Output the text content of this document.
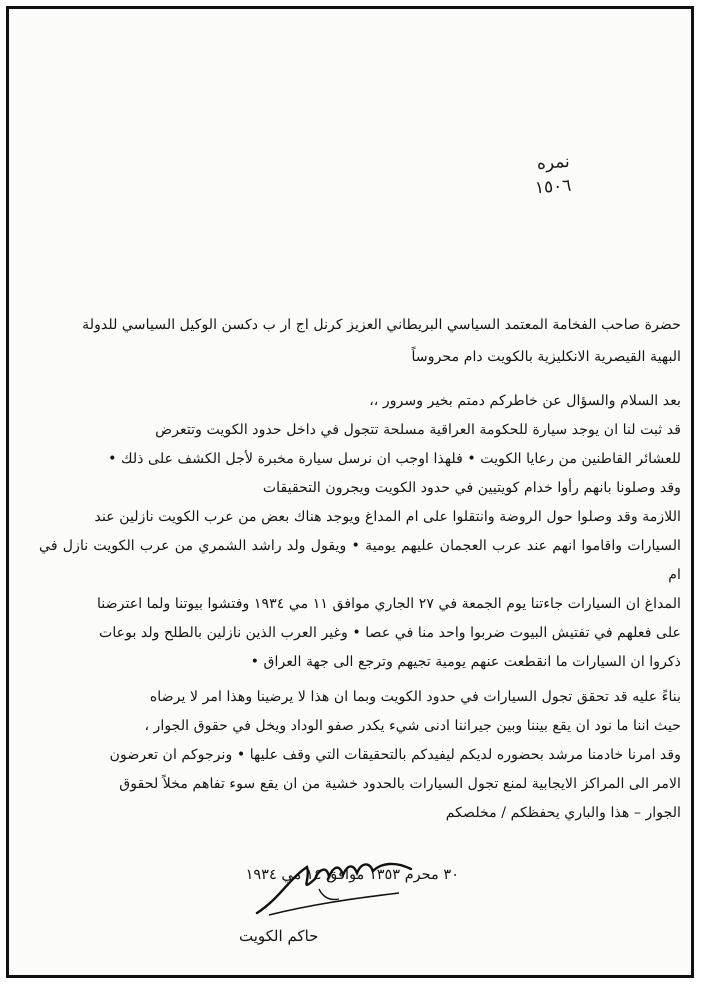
نمره
١٥٠٦
حضرة صاحب الفخامة المعتمد السياسي البريطاني العزيز كرنل اج ار ب دكسن الوكيل السياسي للدولة
البهية القيصرية الانكليزية بالكويت دام محروساً
بعد السلام والسؤال عن خاطركم دمتم بخير وسرور ،،
قد ثبت لنا ان يوجد سيارة للحكومة العراقية مسلحة تتجول في داخل حدود الكويت وتتعرض
للعشائر القاطنين من رعايا الكويت • فلهذا اوجب ان نرسل سيارة مخبرة لأجل الكشف على ذلك •
وقد وصلونا بانهم رأوا خدام كويتيين في حدود الكويت ويجرون التحقيقات
اللازمة وقد وصلوا حول الروضة وانتقلوا على ام المداغ ويوجد هناك بعض من عرب الكويت نازلين عند
السيارات واقاموا انهم عند عرب العجمان عليهم يومية • ويقول ولد راشد الشمري من عرب الكويت نازل في ام
المداغ ان السيارات جاءتنا يوم الجمعة في ٢٧ الجاري موافق ١١ مي ١٩٣٤ وفتشوا بيوتنا ولما اعترضنا
على فعلهم في تفتيش البيوت ضربوا واحد منا في عصا • وغير العرب الذين نازلين بالطلح ولد بوعات
ذكروا ان السيارات ما انقطعت عنهم يومية تجيهم وترجع الى جهة العراق •
بناءً عليه قد تحقق تجول السيارات في حدود الكويت وبما ان هذا لا يرضينا وهذا امر لا يرضاه
حيث اننا ما نود ان يقع بيننا وبين جيراننا ادنى شيء يكدر صفو الوداد ويخل في حقوق الجوار ،
وقد امرنا خادمنا مرشد بحضوره لديكم ليفيدكم بالتحقيقات التي وقف عليها • ونرجوكم ان تعرضون
الامر الى المراكز الايجابية لمنع تجول السيارات بالحدود خشية من ان يقع سوء تفاهم مخلاً لحقوق
الجوار – هذا والباري يحفظكم / مخلصكم
٣٠ محرم ١٣٥٣ موافق ١٤ مي ١٩٣٤
حاكم الكويت
